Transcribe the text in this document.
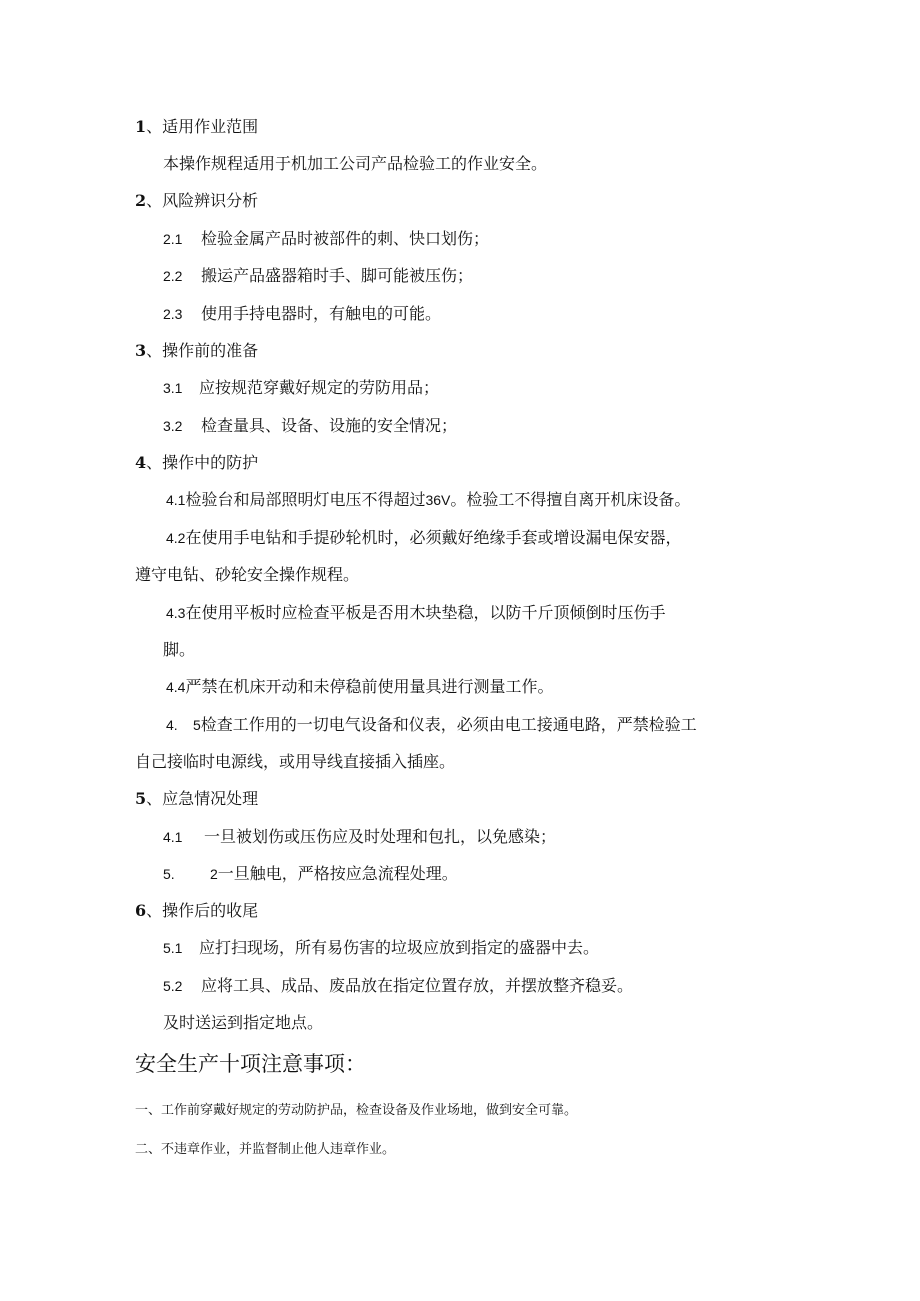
1、适用作业范围
本操作规程适用于机加工公司产品检验工的作业安全。
2、风险辨识分析
2.1 检验金属产品时被部件的刺、快口划伤；
2.2 搬运产品盛器箱时手、脚可能被压伤；
2.3 使用手持电器时，有触电的可能。
3、操作前的准备
3.1 应按规范穿戴好规定的劳防用品；
3.2 检查量具、设备、设施的安全情况；
4、操作中的防护
4.1检验台和局部照明灯电压不得超过36V。检验工不得擅自离开机床设备。
4.2在使用手电钻和手提砂轮机时，必须戴好绝缘手套或增设漏电保安器，
遵守电钻、砂轮安全操作规程。
4.3在使用平板时应检查平板是否用木块垫稳，以防千斤顶倾倒时压伤手
脚。
4.4严禁在机床开动和未停稳前使用量具进行测量工作。
4. 5检查工作用的一切电气设备和仪表，必须由电工接通电路，严禁检验工
自己接临时电源线，或用导线直接插入插座。
5、应急情况处理
4.1 一旦被划伤或压伤应及时处理和包扎，以免感染；
5.	2一旦触电，严格按应急流程处理。
6、操作后的收尾
5.1 应打扫现场，所有易伤害的垃圾应放到指定的盛器中去。
5.2 应将工具、成品、废品放在指定位置存放，并摆放整齐稳妥。
及时送运到指定地点。
安全生产十项注意事项：
一、工作前穿戴好规定的劳动防护品，检查设备及作业场地，做到安全可靠。
二、不违章作业，并监督制止他人违章作业。
